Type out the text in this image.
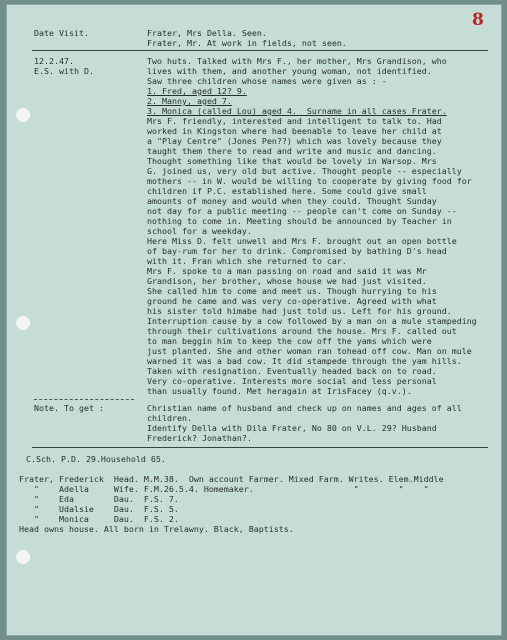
8
Date Visit.	Frater, Mrs Della. Seen.
Frater, Mr. At work in fields, not seen.
12.2.47.
E.S. with D.
Two huts. Talked with Mrs F., her mother, Mrs Grandison, who
lives with them, and another young woman, not identified.
Saw three children whose names were given as : -
1. Fred, aged 12? 9.
2. Manny, aged 7.
3. Monica (called Lou) aged 4.  Surname in all cases Frater.
Mrs F. friendly, interested and intelligent to talk to. Had
worked in Kingston where had beenable to leave her child at
a "Play Centre" (Jones Pen??) which was lovely because they
taught them there to read and write and music and dancing.
Thought something like that would be lovely in Warsop. Mrs
G. joined us, very old but active. Thought people -- especially
mothers -- in W. would be willing to cooperate by giving food for
children if P.C. established here. Some could give small
amounts of money and would when they could. Thought Sunday
not day for a public meeting -- people can't come on Sunday --
nothing to come in. Meeting should be announced by Teacher in
school for a weekday.
Here Miss D. felt unwell and Mrs F. brought out an open bottle
of bay-rum for her to drink. Compromised by bathing D's head
with it. Fran which she returned to car.
Mrs F. spoke to a man passing on road and said it was Mr
Grandison, her brother, whose house we had just visited.
She called him to come and meet us. Though hurrying to his
ground he came and was very co-operative. Agreed with what
his sister told himabe had just told us. Left for his ground.
Interruption cause by a cow followed by a man on a mule stampeding
through their cultivations around the house. Mrs F. called out
to man beggin him to keep the cow off the yams which were
just planted. She and other woman ran tohead off cow. Man on mule
warned it was a bad cow. It did stampede through the yam hills.
Taken with resignation. Eventually headed back on to road.
Very co-operative. Interests more social and less personal
than usually found. Met heragain at IrisFacey (q.v.).
Note. To get :	Christian name of husband and check up on names and ages of all
children.
Identify Della with Dila Frater, No 80 on V.L. 29? Husband
Frederick? Jonathan?.
C.Sch. P.D. 29.Household 65.
Frater, Frederick  Head. M.M.38.  Own account Farmer. Mixed Farm. Writes. Elem.Middle
"    Adella     Wife. F.M.26.5.4. Homemaker.                    "        "    "
"    Eda        Dau.  F.S. 7.
"    Udalsie    Dau.  F.S. 5.
"    Monica     Dau.  F.S. 2.
Head owns house. All born in Trelawny. Black, Baptists.
